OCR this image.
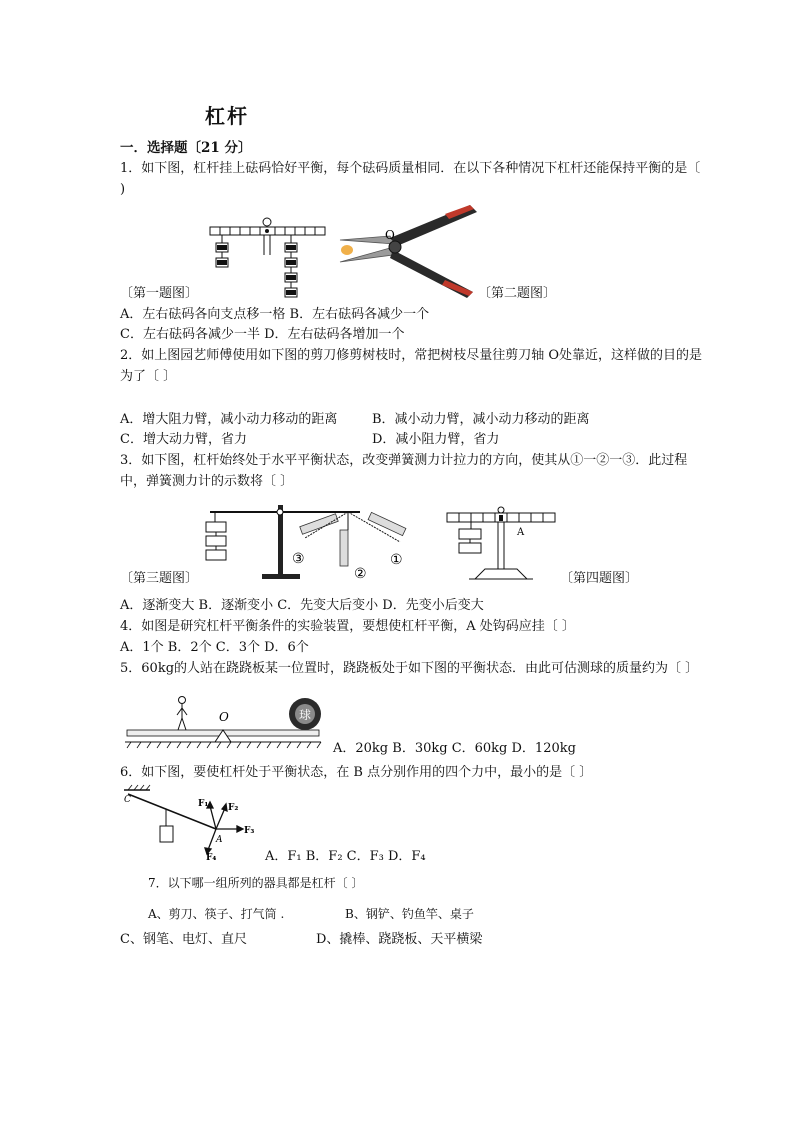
杠杆
一．选择题〔21 分〕
1．如下图，杠杆挂上砝码恰好平衡，每个砝码质量相同．在以下各种情况下杠杆还能保持平衡的是〔
)
O
〔第一题图〕	〔第二题图〕
A．左右砝码各向支点移一格 B．左右砝码各减少一个
C．左右砝码各减少一半 D．左右砝码各增加一个
2．如上图园艺师傅使用如下图的剪刀修剪树枝时，常把树枝尽量往剪刀轴 O处靠近，这样做的目的是
为了〔 〕
A．增大阻力臂，减小动力移动的距离	B．减小动力臂，减小动力移动的距离
C．增大动力臂，省力	D．减小阻力臂，省力
3．如下图，杠杆始终处于水平平衡状态，改变弹簧测力计拉力的方向，使其从①一②一③．此过程
中，弹簧测力计的示数将〔 〕
③
②
①
A
〔第三题图〕	〔第四题图〕
A．逐渐变大 B．逐渐变小 C．先变大后变小 D．先变小后变大
4．如图是研究杠杆平衡条件的实验装置，要想使杠杆平衡，A 处钩码应挂〔 〕
A．1个 B．2个 C．3个 D．6个
5．60kg的人站在跷跷板某一位置时，跷跷板处于如下图的平衡状态．由此可估测球的质量约为〔 〕
O	球
A．20kg B．30kg C．60kg D．120kg
6．如下图，要使杠杆处于平衡状态，在 B 点分别作用的四个力中，最小的是〔 〕
C	F₁ F₂
F₃
F₄
A
A．F₁ B．F₂ C．F₃ D．F₄
7．以下哪一组所列的器具都是杠杆〔 〕
A、剪刀、筷子、打气筒 .	B、钢铲、钓鱼竿、桌子
C、钢笔、电灯、直尺	D、撬棒、跷跷板、天平横梁
